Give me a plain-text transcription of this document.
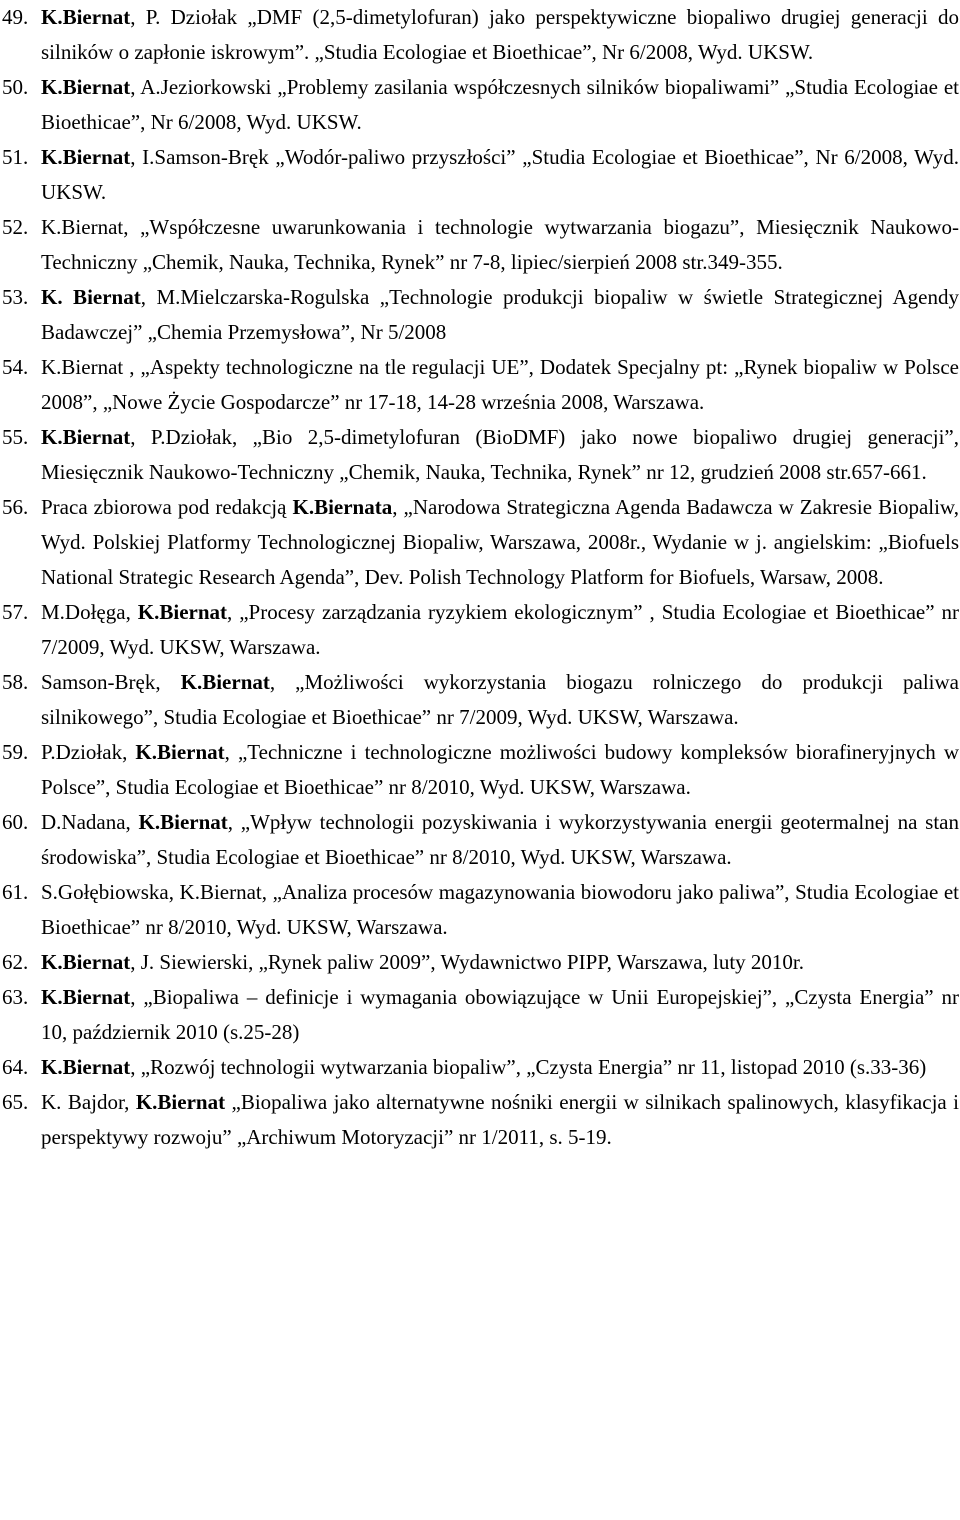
49. K.Biernat, P. Dziołak „DMF (2,5-dimetylofuran) jako perspektywiczne biopaliwo drugiej generacji do silników o zapłonie iskrowym”. „Studia Ecologiae et Bioethicae”, Nr 6/2008, Wyd. UKSW.
50. K.Biernat, A.Jeziorkowski „Problemy zasilania współczesnych silników biopaliwami” „Studia Ecologiae et Bioethicae”, Nr 6/2008, Wyd. UKSW.
51. K.Biernat, I.Samson-Bręk „Wodór-paliwo przyszłości” „Studia Ecologiae et Bioethicae”, Nr 6/2008, Wyd. UKSW.
52. K.Biernat, „Współczesne uwarunkowania i technologie wytwarzania biogazu”, Miesięcznik Naukowo-Techniczny „Chemik, Nauka, Technika, Rynek” nr 7-8, lipiec/sierpień 2008 str.349-355.
53. K. Biernat, M.Mielczarska-Rogulska „Technologie produkcji biopaliw w świetle Strategicznej Agendy Badawczej” „Chemia Przemysłowa”, Nr 5/2008
54. K.Biernat , „Aspekty technologiczne na tle regulacji UE”, Dodatek Specjalny pt: „Rynek biopaliw w Polsce 2008”, „Nowe Życie Gospodarcze” nr 17-18, 14-28 września 2008, Warszawa.
55. K.Biernat, P.Dziołak, „Bio 2,5-dimetylofuran (BioDMF) jako nowe biopaliwo drugiej generacji”, Miesięcznik Naukowo-Techniczny „Chemik, Nauka, Technika, Rynek” nr 12, grudzień 2008 str.657-661.
56. Praca zbiorowa pod redakcją K.Biernata, „Narodowa Strategiczna Agenda Badawcza w Zakresie Biopaliw, Wyd. Polskiej Platformy Technologicznej Biopaliw, Warszawa, 2008r., Wydanie w j. angielskim: „Biofuels National Strategic Research Agenda”, Dev. Polish Technology Platform for Biofuels, Warsaw, 2008.
57. M.Dołęga, K.Biernat, „Procesy zarządzania ryzykiem ekologicznym” , Studia Ecologiae et Bioethicae” nr 7/2009, Wyd. UKSW, Warszawa.
58. Samson-Bręk, K.Biernat, „Możliwości wykorzystania biogazu rolniczego do produkcji paliwa silnikowego”, Studia Ecologiae et Bioethicae” nr 7/2009, Wyd. UKSW, Warszawa.
59. P.Dziołak, K.Biernat, „Techniczne i technologiczne możliwości budowy kompleksów biorafineryjnych w Polsce”, Studia Ecologiae et Bioethicae” nr 8/2010, Wyd. UKSW, Warszawa.
60. D.Nadana, K.Biernat, „Wpływ technologii pozyskiwania i wykorzystywania energii geotermalnej na stan środowiska”, Studia Ecologiae et Bioethicae” nr 8/2010, Wyd. UKSW, Warszawa.
61. S.Gołębiowska, K.Biernat, „Analiza procesów magazynowania biowodoru jako paliwa”, Studia Ecologiae et Bioethicae” nr 8/2010, Wyd. UKSW, Warszawa.
62. K.Biernat, J. Siewierski, „Rynek paliw 2009”, Wydawnictwo PIPP, Warszawa, luty 2010r.
63. K.Biernat, „Biopaliwa – definicje i wymagania obowiązujące w Unii Europejskiej”, „Czysta Energia” nr 10, październik 2010 (s.25-28)
64. K.Biernat, „Rozwój technologii wytwarzania biopaliw”, „Czysta Energia” nr 11, listopad 2010 (s.33-36)
65. K. Bajdor, K.Biernat „Biopaliwa jako alternatywne nośniki energii w silnikach spalinowych, klasyfikacja i perspektywy rozwoju” „Archiwum Motoryzacji” nr 1/2011, s. 5-19.
